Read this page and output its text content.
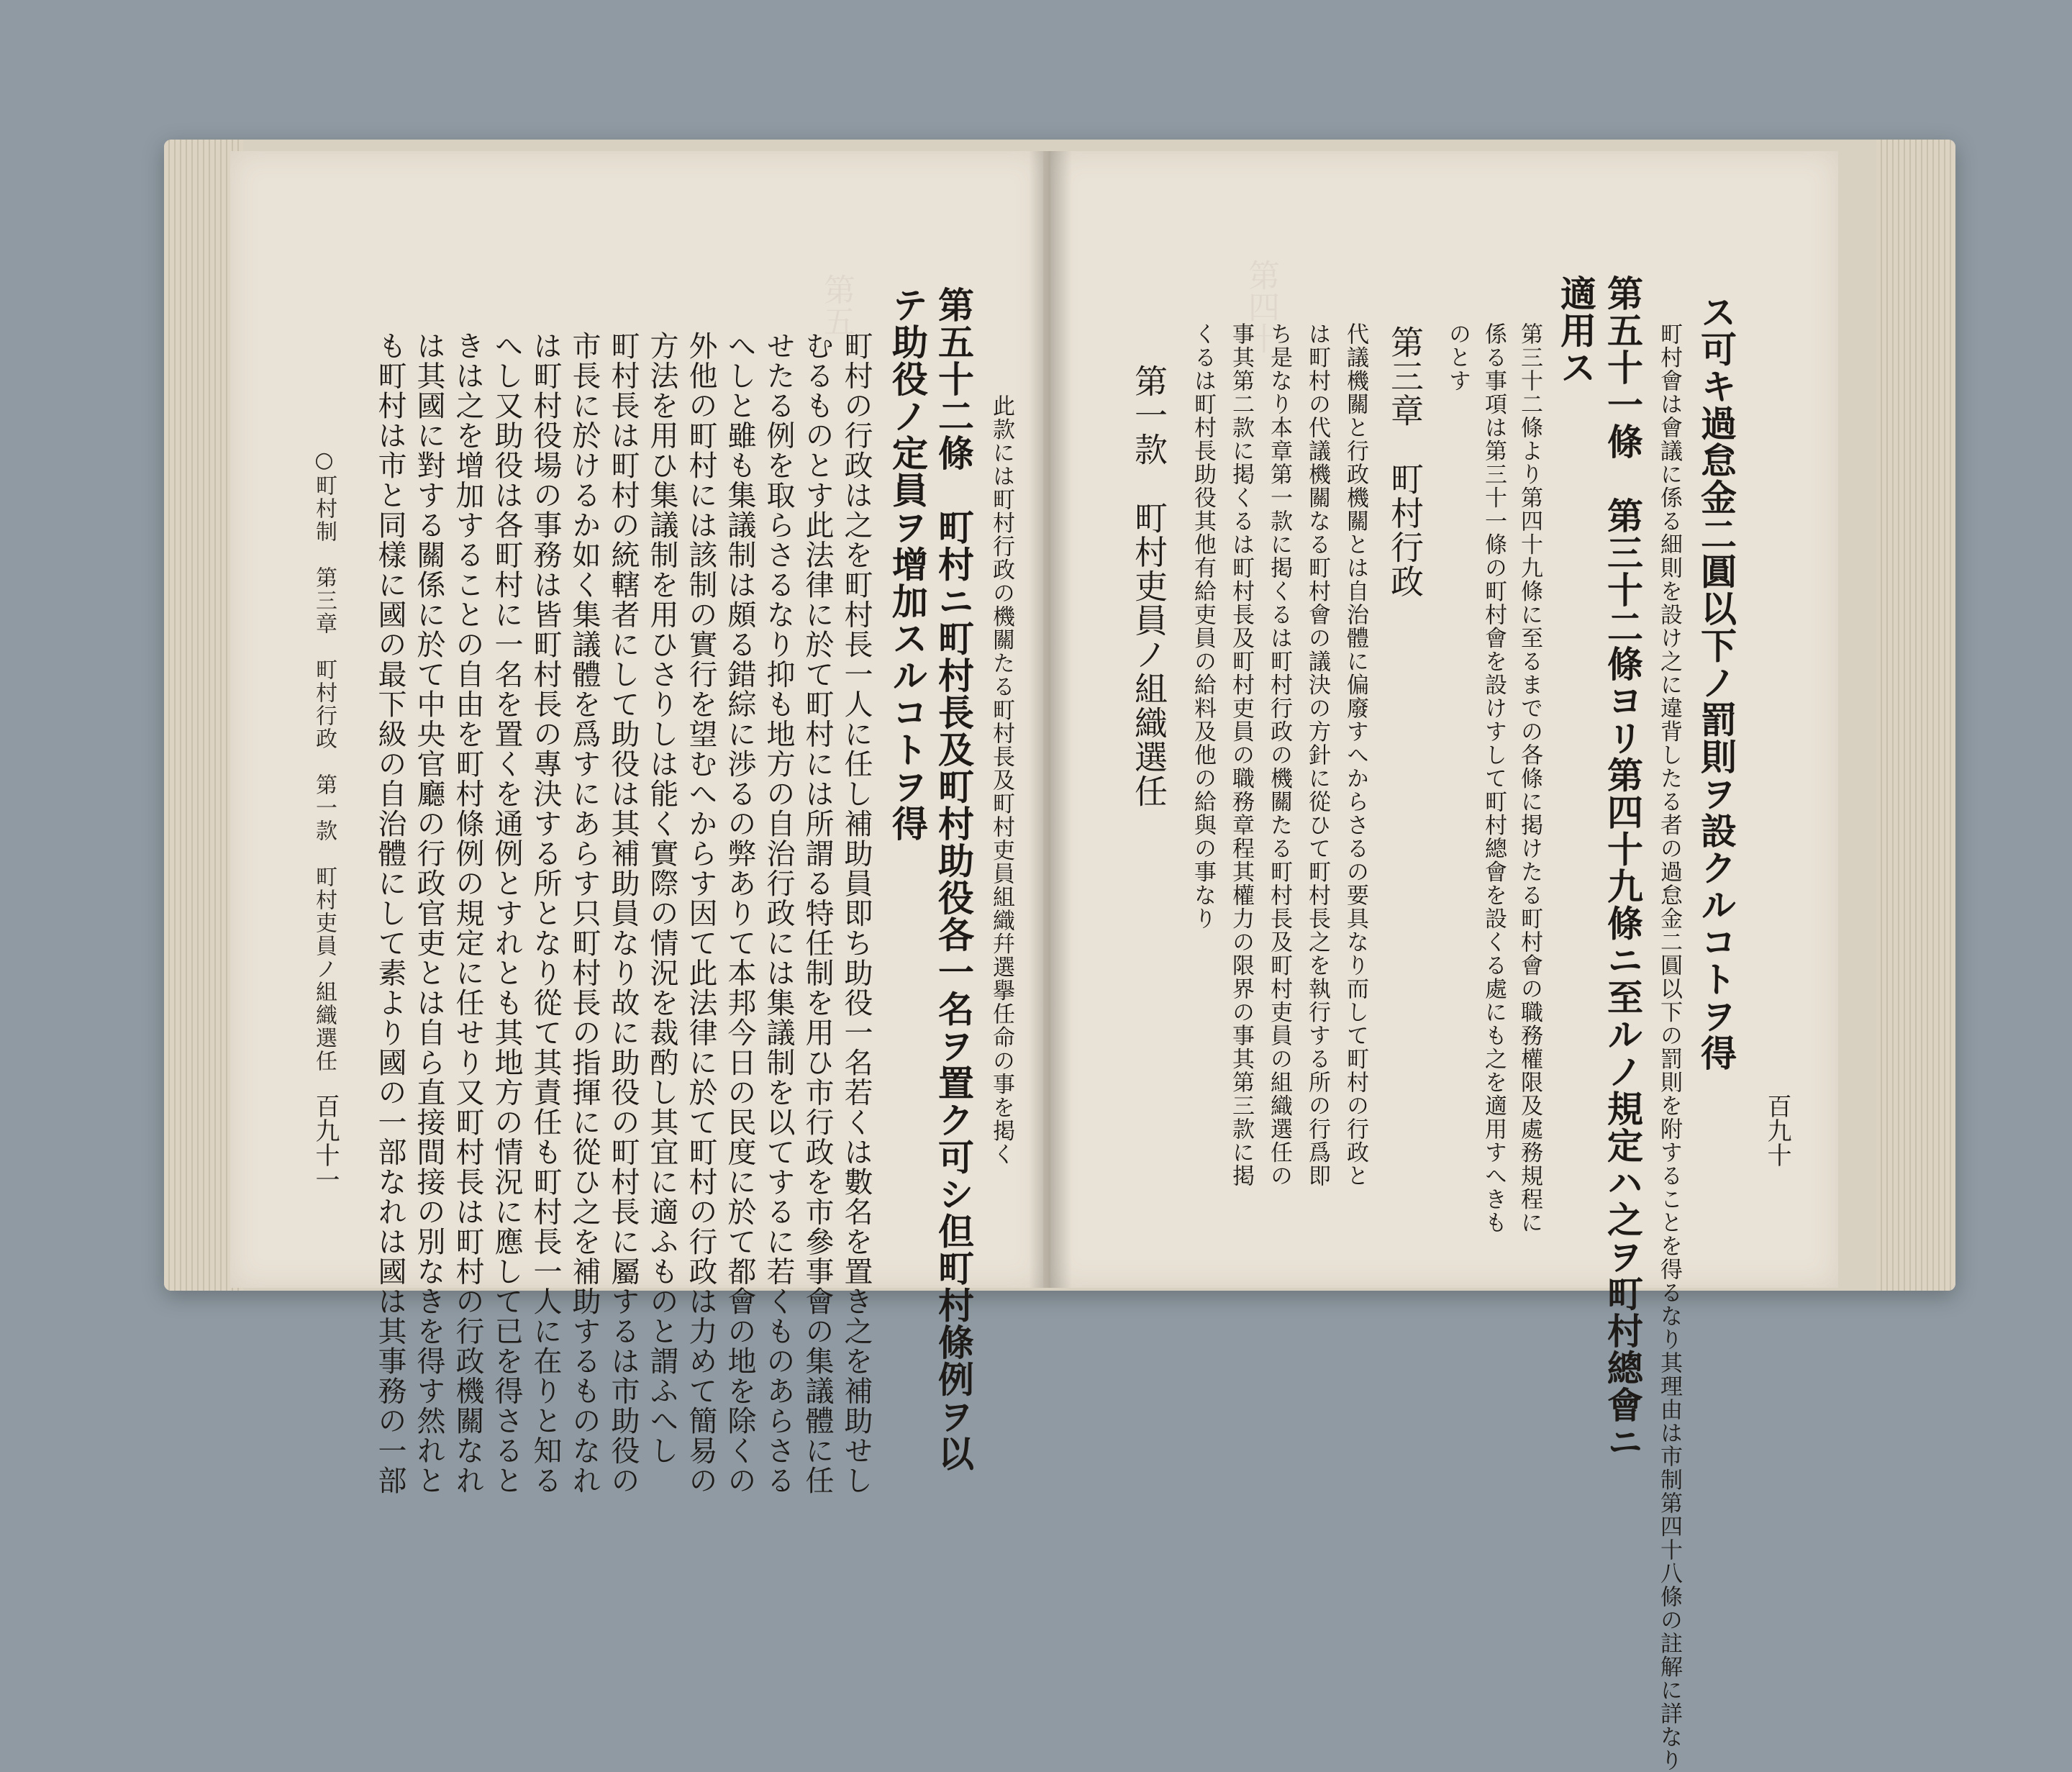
第四十
第五
百九十
ス可キ過怠金二圓以下ノ罰則ヲ設クルコトヲ得
町村會は會議に係る細則を設け之に違背したる者の過怠金二圓以下の罰則を附することを得るなり其理由は市制第四十八條の註解に詳なり
第五十一條　第三十二條ヨリ第四十九條ニ至ルノ規定ハ之ヲ町村總會ニ
適用ス
第三十二條より第四十九條に至るまでの各條に掲けたる町村會の職務權限及處務規程に
係る事項は第三十一條の町村會を設けすして町村總會を設くる處にも之を適用すへきも
のとす
第三章　町村行政
代議機關と行政機關とは自治體に偏廢すへからさるの要具なり而して町村の行政と
は町村の代議機關なる町村會の議決の方針に從ひて町村長之を執行する所の行爲即
ち是なり本章第一款に掲くるは町村行政の機關たる町村長及町村吏員の組織選任の
事其第二款に掲くるは町村長及町村吏員の職務章程其權力の限界の事其第三款に掲
くるは町村長助役其他有給吏員の給料及他の給與の事なり
第一款　町村吏員ノ組織選任
此款には町村行政の機關たる町村長及町村吏員組織幷選擧任命の事を掲く
第五十二條　町村ニ町村長及町村助役各一名ヲ置ク可シ但町村條例ヲ以
テ助役ノ定員ヲ增加スルコトヲ得
町村の行政は之を町村長一人に任し補助員即ち助役一名若くは數名を置き之を補助せし
むるものとす此法律に於て町村には所謂る特任制を用ひ市行政を市參事會の集議體に任
せたる例を取らさるなり抑も地方の自治行政には集議制を以てするに若くものあらさる
へしと雖も集議制は頗る錯綜に渉るの弊ありて本邦今日の民度に於て都會の地を除くの
外他の町村には該制の實行を望むへからす因て此法律に於て町村の行政は力めて簡易の
方法を用ひ集議制を用ひさりしは能く實際の情況を裁酌し其宜に適ふものと謂ふへし
町村長は町村の統轄者にして助役は其補助員なり故に助役の町村長に屬するは市助役の
市長に於けるか如く集議體を爲すにあらす只町村長の指揮に從ひ之を補助するものなれ
は町村役場の事務は皆町村長の專決する所となり從て其責任も町村長一人に在りと知る
へし又助役は各町村に一名を置くを通例とすれとも其地方の情況に應して已を得さると
きは之を增加することの自由を町村條例の規定に任せり又町村長は町村の行政機關なれ
は其國に對する關係に於て中央官廳の行政官吏とは自ら直接間接の別なきを得す然れと
も町村は市と同樣に國の最下級の自治體にして素より國の一部なれは國は其事務の一部
○町村制　第三章　町村行政　第一款　町村吏員ノ組織選任
百九十一
